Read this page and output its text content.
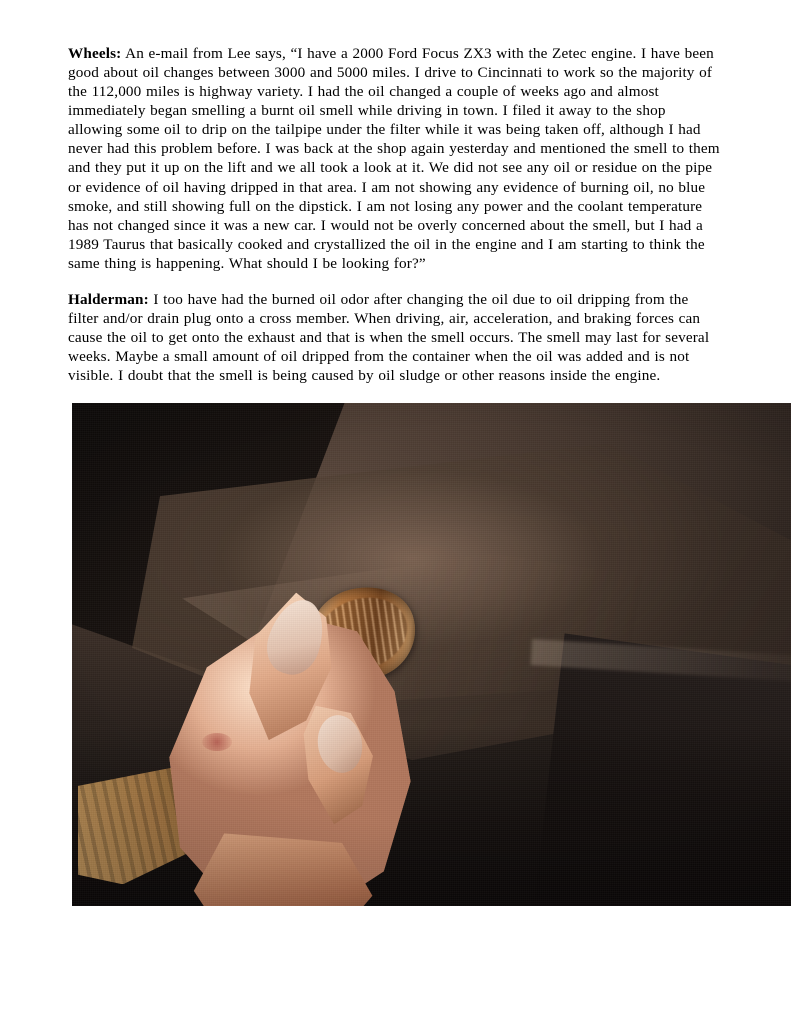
Wheels: An e-mail from Lee says, “I have a 2000 Ford Focus ZX3 with the Zetec engine. I have been good about oil changes between 3000 and 5000 miles. I drive to Cincinnati to work so the majority of the 112,000 miles is highway variety. I had the oil changed a couple of weeks ago and almost immediately began smelling a burnt oil smell while driving in town. I filed it away to the shop allowing some oil to drip on the tailpipe under the filter while it was being taken off, although I had never had this problem before. I was back at the shop again yesterday and mentioned the smell to them and they put it up on the lift and we all took a look at it. We did not see any oil or residue on the pipe or evidence of oil having dripped in that area. I am not showing any evidence of burning oil, no blue smoke, and still showing full on the dipstick. I am not losing any power and the coolant temperature has not changed since it was a new car. I would not be overly concerned about the smell, but I had a 1989 Taurus that basically cooked and crystallized the oil in the engine and I am starting to think the same thing is happening. What should I be looking for?”

Halderman: I too have had the burned oil odor after changing the oil due to oil dripping from the filter and/or drain plug onto a cross member. When driving, air, acceleration, and braking forces can cause the oil to get onto the exhaust and that is when the smell occurs. The smell may last for several weeks. Maybe a small amount of oil dripped from the container when the oil was added and is not visible. I doubt that the smell is being caused by oil sludge or other reasons inside the engine.
